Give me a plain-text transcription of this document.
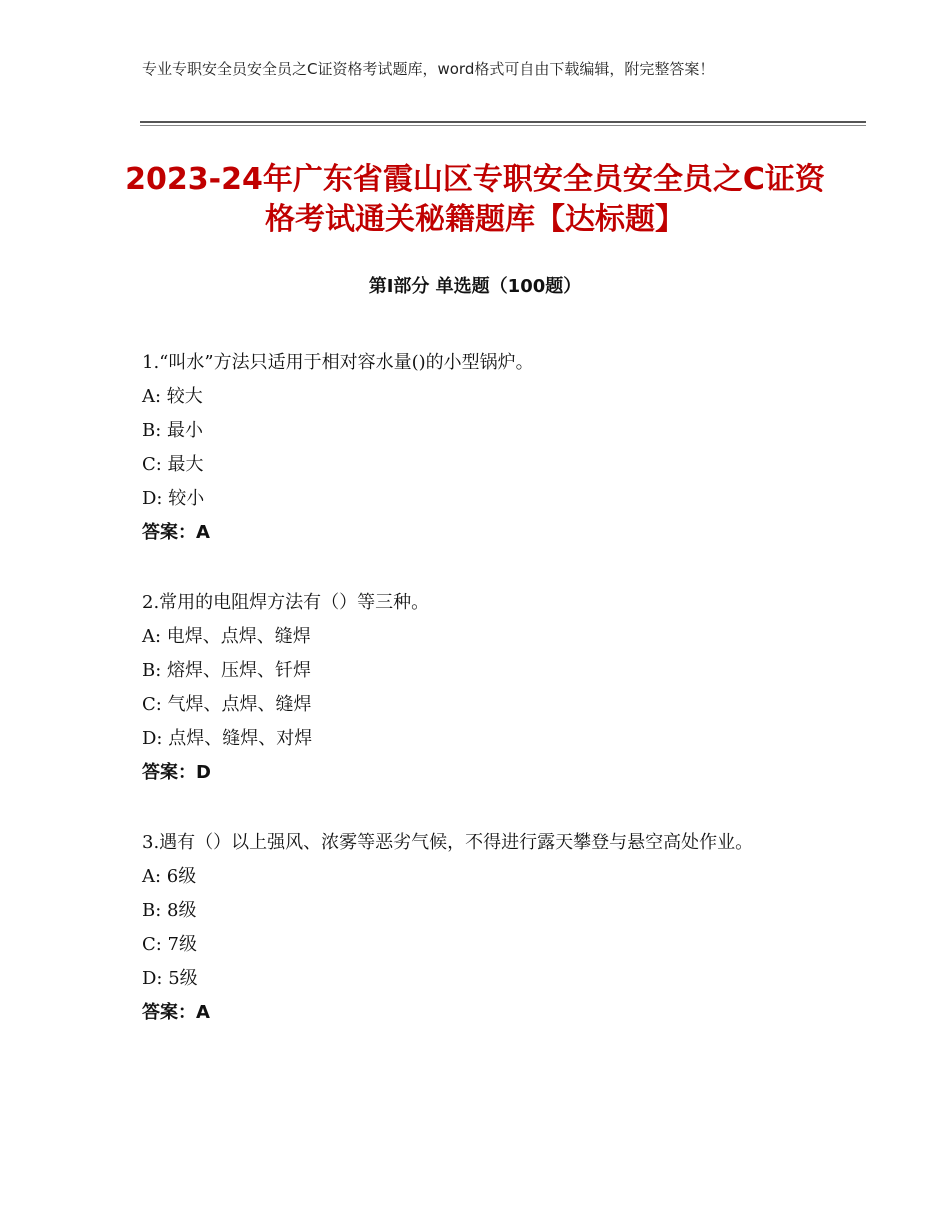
专业专职安全员安全员之C证资格考试题库，word格式可自由下载编辑，附完整答案！
2023-24年广东省霞山区专职安全员安全员之C证资格考试通关秘籍题库【达标题】
第Ⅰ部分 单选题（100题）
1.“叫水”方法只适用于相对容水量()的小型锅炉。
A: 较大
B: 最小
C: 最大
D: 较小
答案：A
2.常用的电阻焊方法有（）等三种。
A: 电焊、点焊、缝焊
B: 熔焊、压焊、钎焊
C: 气焊、点焊、缝焊
D: 点焊、缝焊、对焊
答案：D
3.遇有（）以上强风、浓雾等恶劣气候，不得进行露天攀登与悬空高处作业。
A: 6级
B: 8级
C: 7级
D: 5级
答案：A
